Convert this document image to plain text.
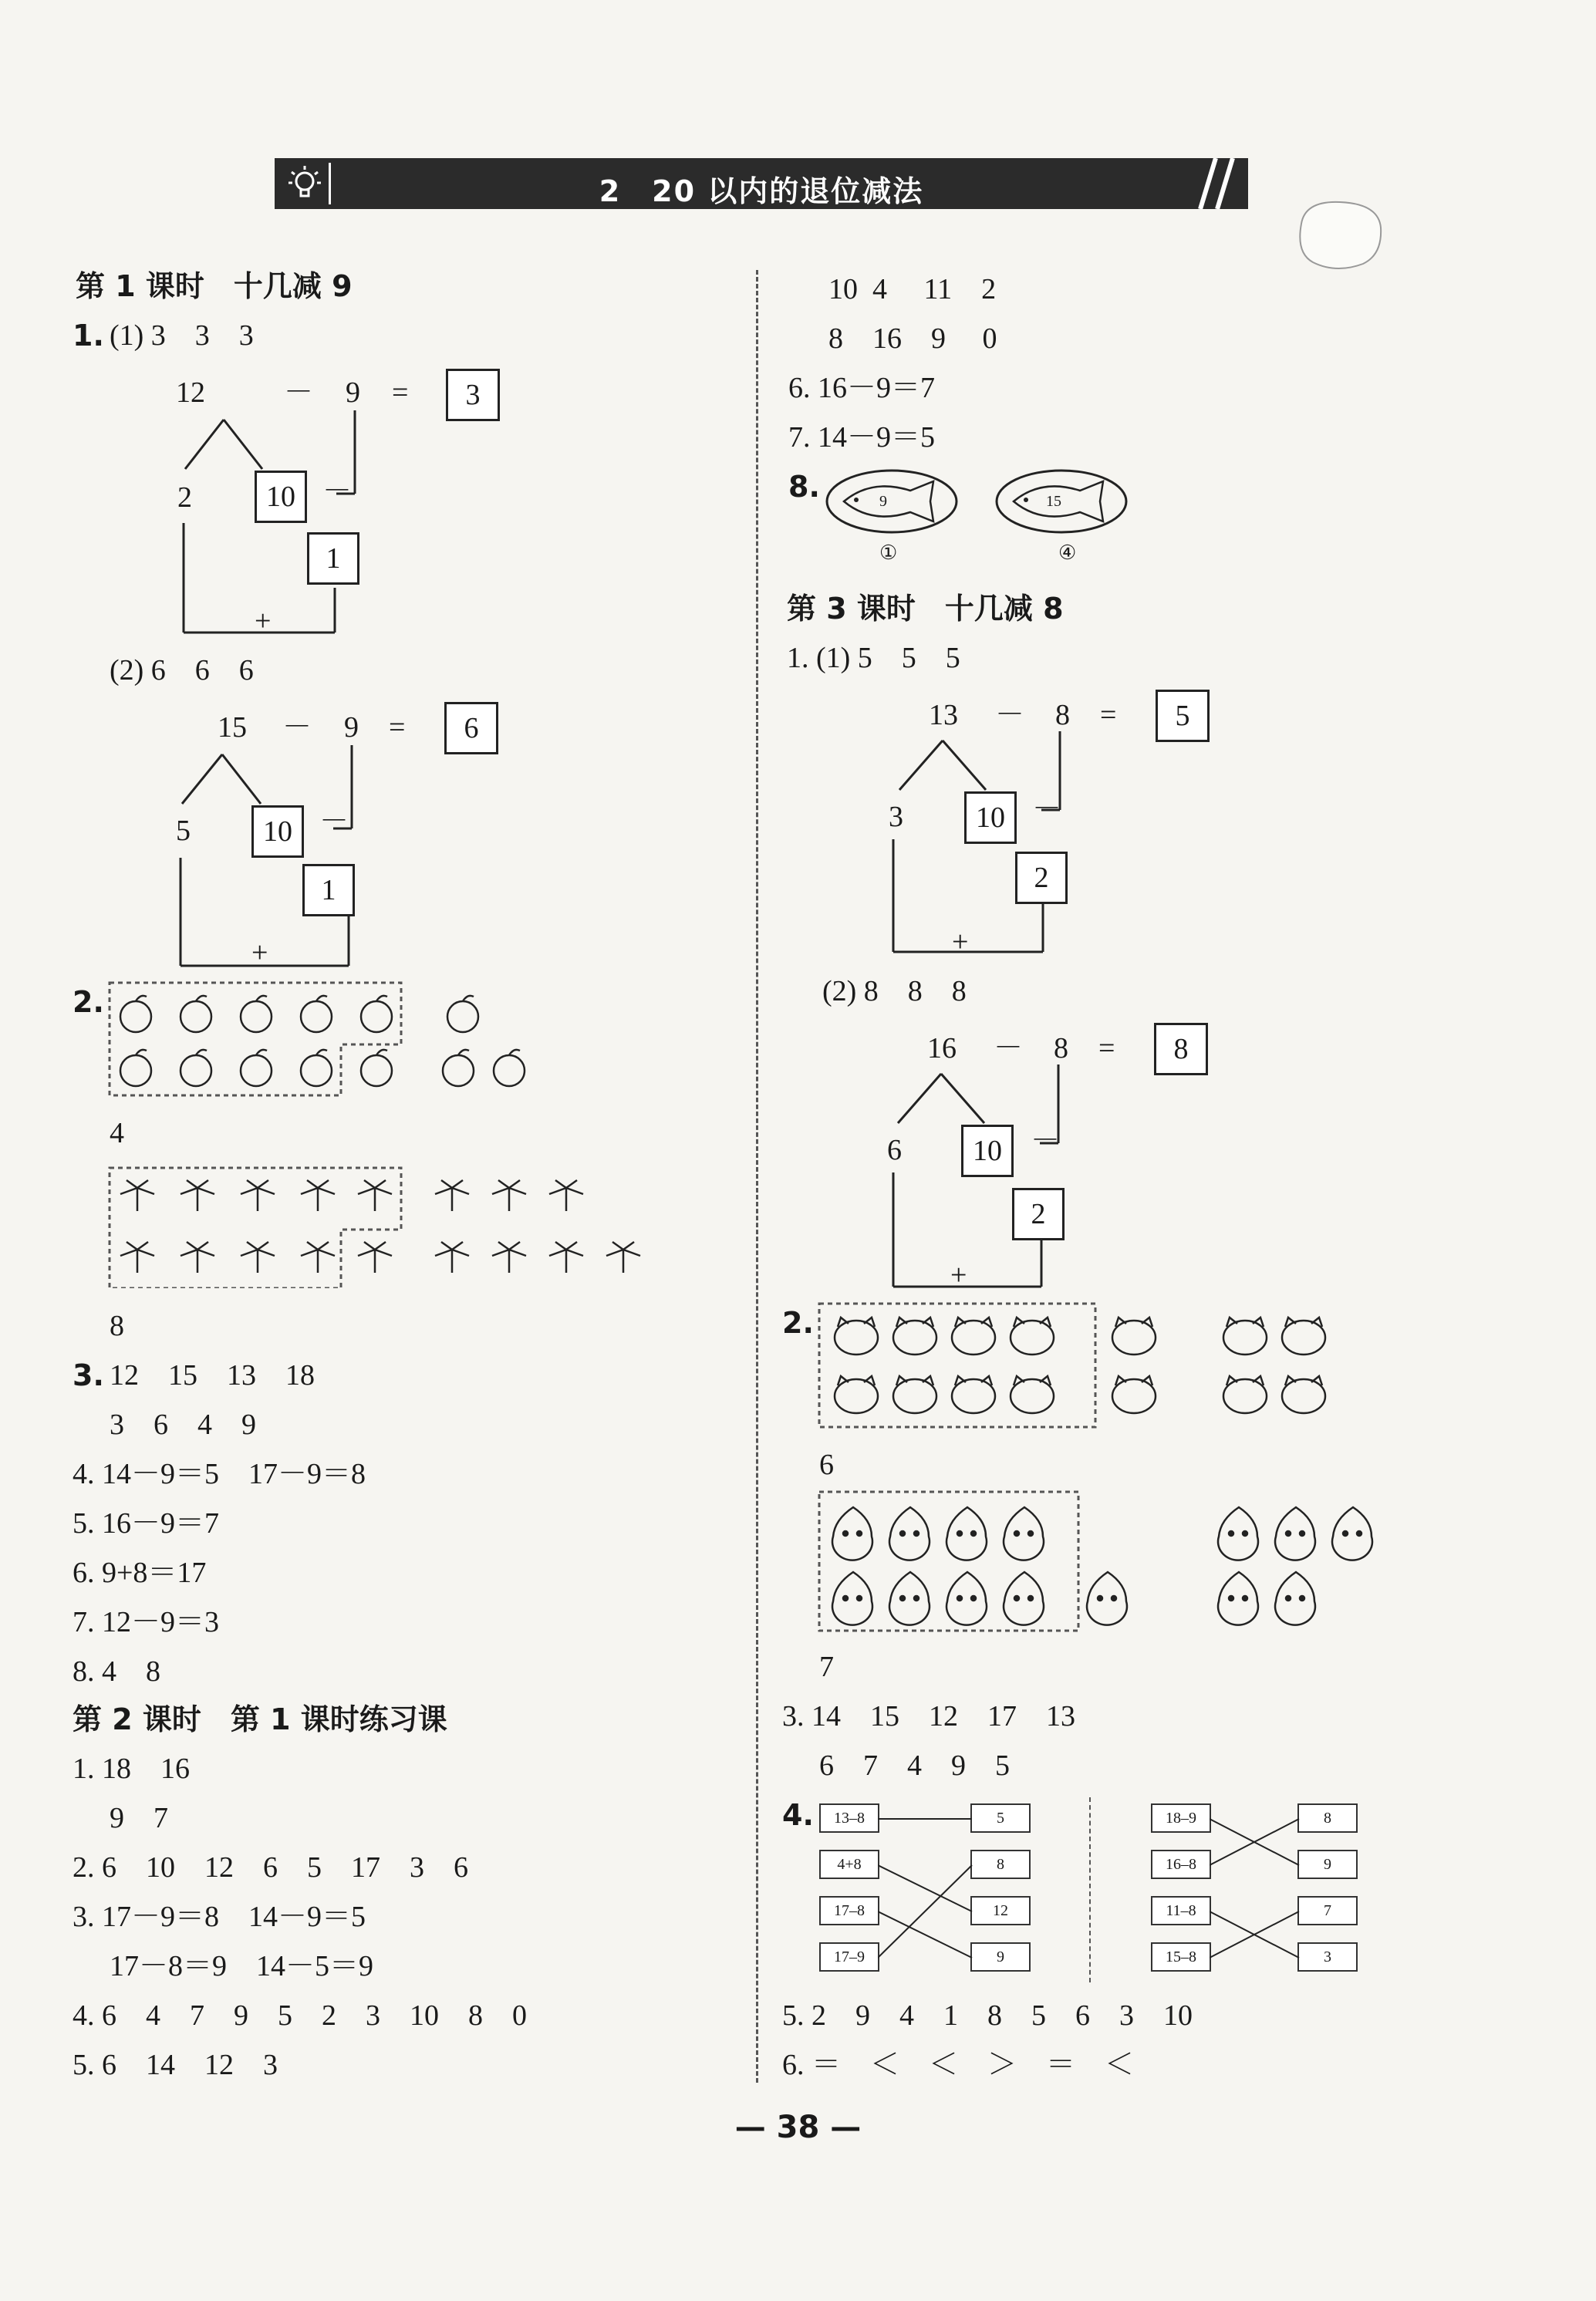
2　20 以内的退位减法
第 1 课时　十几减 9
1. (1) 3　3　3
12	－ 9 =	3
2	10 －
1
+
(2) 6　6　6
15 － 9 =	6
5	10 －
1
+
2.
4
8
3. 12　15　13　18
3　6　4　9
4. 14－9＝5　17－9＝8
5. 16－9＝7
6. 9+8＝17
7. 12－9＝3
8. 4　8
第 2 课时　第 1 课时练习课
1. 18　16
9　7
2. 6　10　12　6　5　17　3　6
3. 17－9＝8　14－9＝5
17－8＝9　14－5＝9
4. 6　4　7　9　5　2　3　10　8　0
5. 6　14　12　3
10  4　 11　2
8　16　9　 0
6. 16－9＝7
7. 14－9＝5
8.	9
①
15
④
第 3 课时　十几减 8
1. (1) 5　5　5
13 － 8 =	5
3	10 －
2
+
(2) 8　8　8
16 － 8 =	8
6	10 －
2
+
2.
6
7
3. 14　15　12　17　13
6　7　4　9　5
4.	13–8
4+8
17–8
17–9
5
8
12
9
18–9
16–8
11–8
15–8
8
9
7
3
5. 2　9　4　1　8　5　6　3　10
6. ＝　＜　＜　＞　＝　＜
— 38 —
